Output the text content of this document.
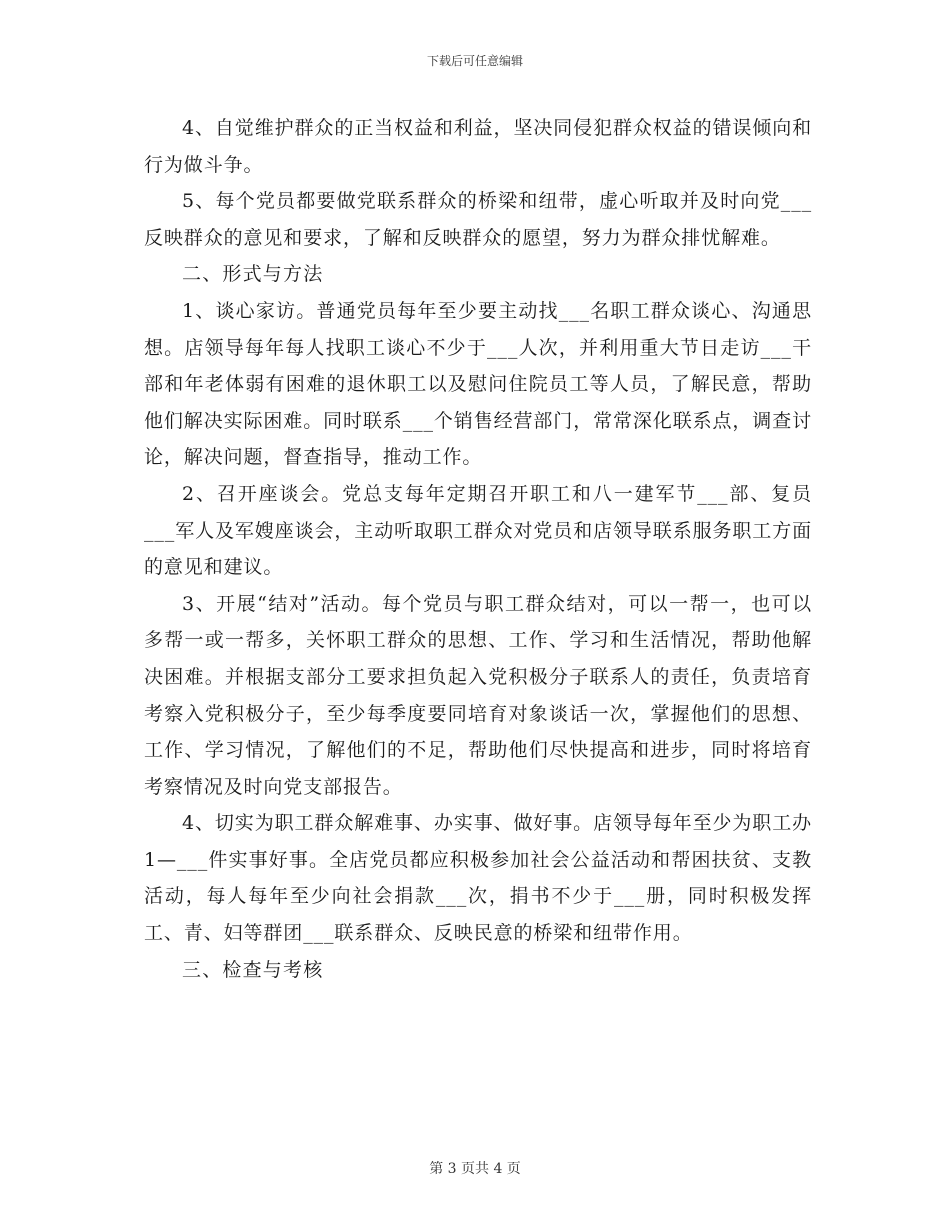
下载后可任意编辑

4、自觉维护群众的正当权益和利益，坚决同侵犯群众权益的错误倾向和行为做斗争。

5、每个党员都要做党联系群众的桥梁和纽带，虚心听取并及时向党___反映群众的意见和要求，了解和反映群众的愿望，努力为群众排忧解难。

二、形式与方法

1、谈心家访。普通党员每年至少要主动找___名职工群众谈心、沟通思想。店领导每年每人找职工谈心不少于___人次，并利用重大节日走访___干部和年老体弱有困难的退休职工以及慰问住院员工等人员，了解民意，帮助他们解决实际困难。同时联系___个销售经营部门，常常深化联系点，调查讨论，解决问题，督查指导，推动工作。

2、召开座谈会。党总支每年定期召开职工和八一建军节___部、复员___军人及军嫂座谈会，主动听取职工群众对党员和店领导联系服务职工方面的意见和建议。

3、开展“结对”活动。每个党员与职工群众结对，可以一帮一，也可以多帮一或一帮多，关怀职工群众的思想、工作、学习和生活情况，帮助他解决困难。并根据支部分工要求担负起入党积极分子联系人的责任，负责培育考察入党积极分子，至少每季度要同培育对象谈话一次，掌握他们的思想、工作、学习情况，了解他们的不足，帮助他们尽快提高和进步，同时将培育考察情况及时向党支部报告。

4、切实为职工群众解难事、办实事、做好事。店领导每年至少为职工办1—___件实事好事。全店党员都应积极参加社会公益活动和帮困扶贫、支教活动，每人每年至少向社会捐款___次，捐书不少于___册，同时积极发挥工、青、妇等群团___联系群众、反映民意的桥梁和纽带作用。

三、检查与考核

第 3 页共 4 页
